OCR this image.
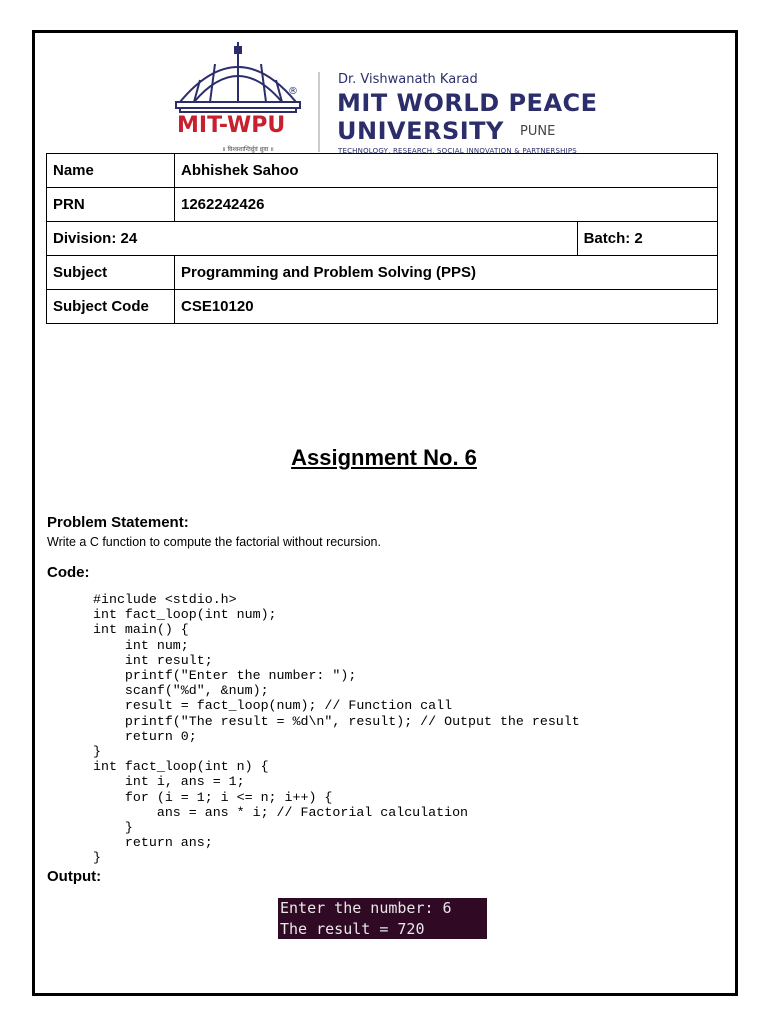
®
MIT-WPU
॥ विश्वशान्तिर्ध्रुवं ध्रुवा ॥
Dr. Vishwanath Karad
MIT WORLD PEACE
UNIVERSITY PUNE
TECHNOLOGY, RESEARCH, SOCIAL INNOVATION & PARTNERSHIPS
Name	Abhishek Sahoo	
PRN	1262242426	
Division: 24		Batch: 2
Subject	Programming and Problem Solving (PPS)	
Subject Code	CSE10120	
Assignment No. 6
Problem Statement:
Write a C function to compute the factorial without recursion.
Code:
#include <stdio.h>
int fact_loop(int num);
int main() {
int num;
int result;
printf("Enter the number: ");
scanf("%d", &num);
result = fact_loop(num); // Function call
printf("The result = %d\n", result); // Output the result
return 0;
}
int fact_loop(int n) {
int i, ans = 1;
for (i = 1; i <= n; i++) {
ans = ans * i; // Factorial calculation
}
return ans;
}
Output:
Enter the number: 6
The result = 720
